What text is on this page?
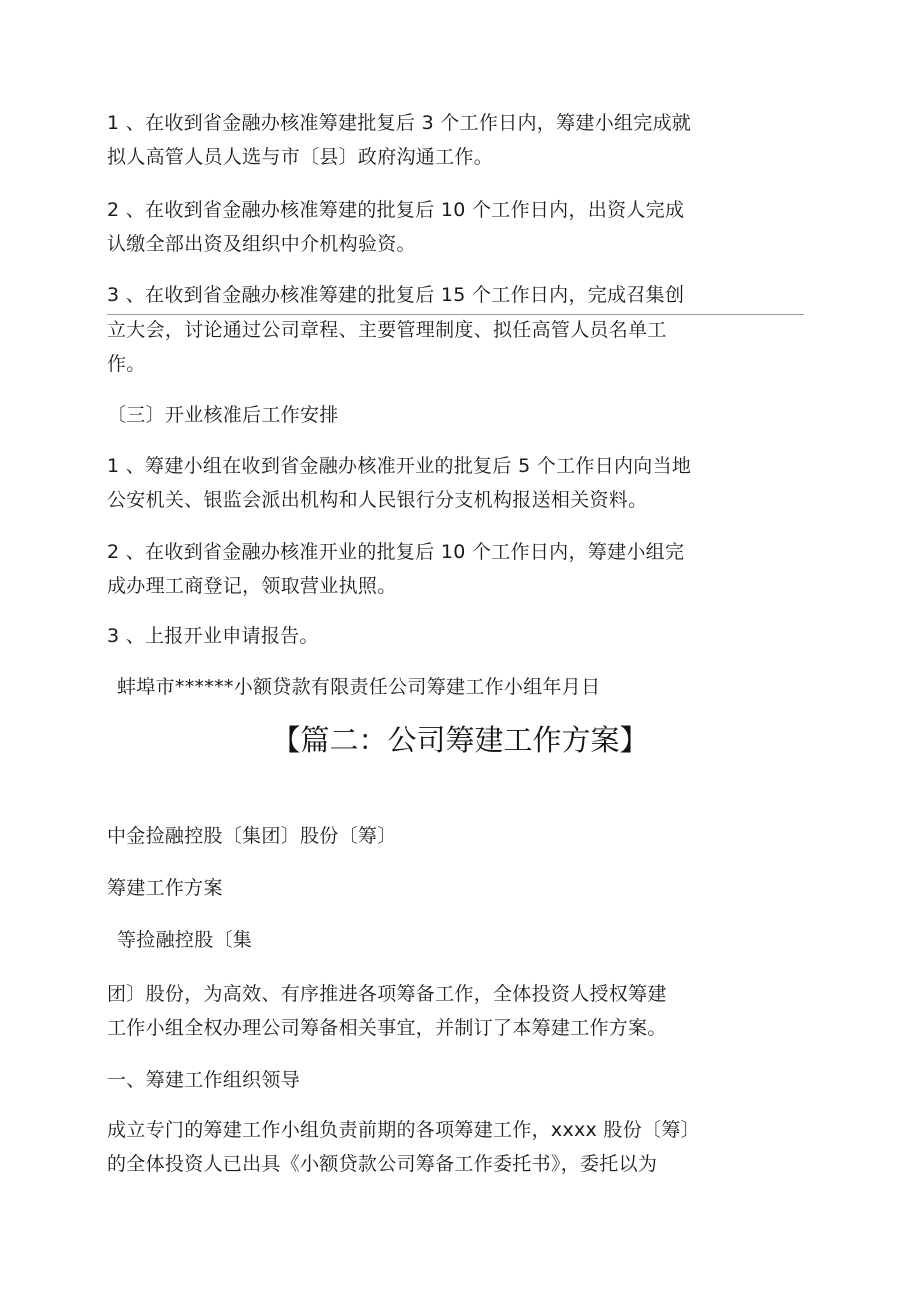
1 、在收到省金融办核准筹建批复后 3 个工作日内，筹建小组完成就
拟人高管人员人选与市〔县〕政府沟通工作。
2 、在收到省金融办核准筹建的批复后 10 个工作日内，出资人完成
认缴全部出资及组织中介机构验资。
3 、在收到省金融办核准筹建的批复后 15 个工作日内，完成召集创
立大会，讨论通过公司章程、主要管理制度、拟任高管人员名单工
作。
〔三〕开业核准后工作安排
1 、筹建小组在收到省金融办核准开业的批复后 5 个工作日内向当地
公安机关、银监会派出机构和人民银行分支机构报送相关资料。
2 、在收到省金融办核准开业的批复后 10 个工作日内，筹建小组完
成办理工商登记，领取营业执照。
3 、上报开业申请报告。
蚌埠市******小额贷款有限责任公司筹建工作小组年月日
【篇二：公司筹建工作方案】
中金捡融控股〔集团〕股份〔筹〕
筹建工作方案
等捡融控股〔集
团〕股份，为高效、有序推进各项筹备工作，全体投资人授权筹建
工作小组全权办理公司筹备相关事宜，并制订了本筹建工作方案。
一、筹建工作组织领导
成立专门的筹建工作小组负责前期的各项筹建工作，xxxx 股份〔筹〕
的全体投资人已出具《小额贷款公司筹备工作委托书》，委托以为
